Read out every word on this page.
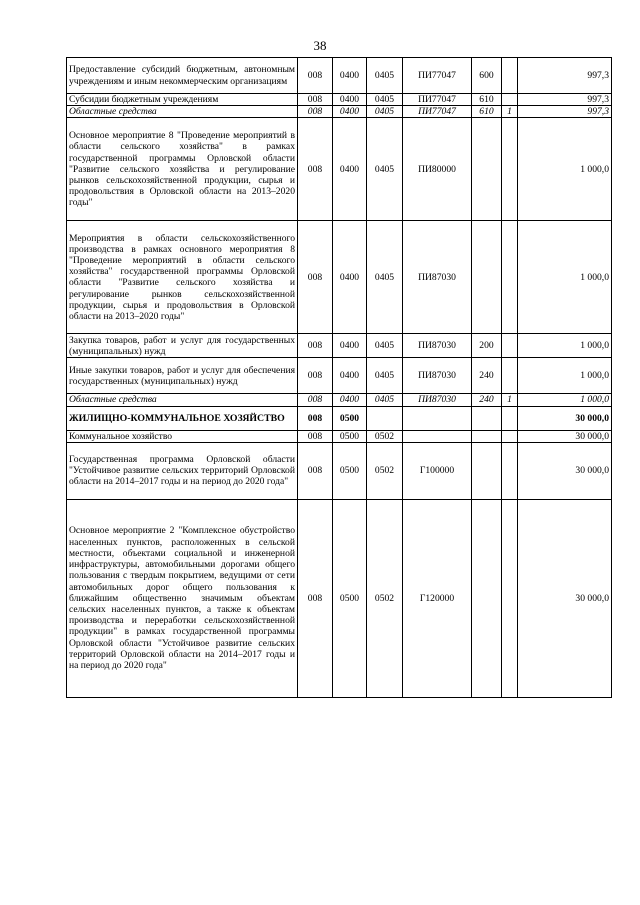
38
Предоставление субсидий бюджетным, автономным учреждениям и иным некоммерческим организациям	008	0400	0405	ПИ77047	600		997,3
Субсидии бюджетным учреждениям	008	0400	0405	ПИ77047	610		997,3
Областные средства	008	0400	0405	ПИ77047	610	1	997,3
Основное мероприятие 8 "Проведение мероприятий в области сельского хозяйства" в рамках государственной программы Орловской области "Развитие сельского хозяйства и регулирование рынков сельскохозяйственной продукции, сырья и продовольствия в Орловской области на 2013–2020 годы"	008	0400	0405	ПИ80000			1 000,0
Мероприятия в области сельскохозяйственного производства в рамках основного мероприятия 8 "Проведение мероприятий в области сельского хозяйства" государственной программы Орловской области "Развитие сельского хозяйства и регулирование рынков сельскохозяйственной продукции, сырья и продовольствия в Орловской области на 2013–2020 годы"	008	0400	0405	ПИ87030			1 000,0
Закупка товаров, работ и услуг для государственных (муниципальных) нужд	008	0400	0405	ПИ87030	200		1 000,0
Иные закупки товаров, работ и услуг для обеспечения государственных (муниципальных) нужд	008	0400	0405	ПИ87030	240		1 000,0
Областные средства	008	0400	0405	ПИ87030	240	1	1 000,0
ЖИЛИЩНО-КОММУНАЛЬНОЕ ХОЗЯЙСТВО	008	0500					30 000,0
Коммунальное хозяйство	008	0500	0502				30 000,0
Государственная программа Орловской области "Устойчивое развитие сельских территорий Орловской области на 2014–2017 годы и на период до 2020 года"	008	0500	0502	Г100000			30 000,0
Основное мероприятие 2 "Комплексное обустройство населенных пунктов, расположенных в сельской местности, объектами социальной и инженерной инфраструктуры, автомобильными дорогами общего пользования с твердым покрытием, ведущими от сети автомобильных дорог общего пользования к ближайшим общественно значимым объектам сельских населенных пунктов, а также к объектам производства и переработки сельскохозяйственной продукции" в рамках государственной программы Орловской области "Устойчивое развитие сельских территорий Орловской области на 2014–2017 годы и на период до 2020 года"	008	0500	0502	Г120000			30 000,0
